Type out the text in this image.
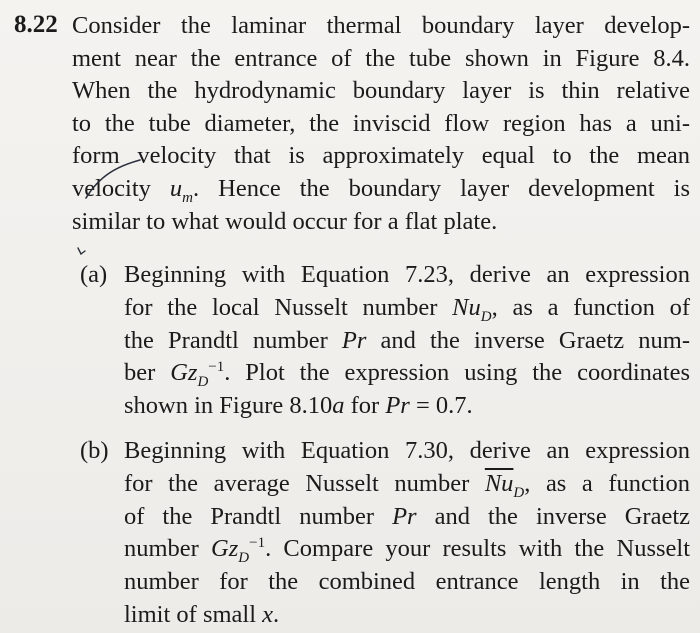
8.22 Consider the laminar thermal boundary layer develop-
ment near the entrance of the tube shown in Figure 8.4.
When the hydrodynamic boundary layer is thin relative
to the tube diameter, the inviscid flow region has a uni-
form velocity that is approximately equal to the mean
velocity $u_m$. Hence the boundary layer development is
similar to what would occur for a flat plate.
(a) Beginning with Equation 7.23, derive an expression
for the local Nusselt number $Nu_D$, as a function of
the Prandtl number Pr and the inverse Graetz num-
ber $Gz_D^{-1}$. Plot the expression using the coordinates
shown in Figure 8.10a for Pr = 0.7.
(b) Beginning with Equation 7.30, derive an expression
for the average Nusselt number $\overline{Nu}_D$, as a function
of the Prandtl number Pr and the inverse Graetz
number $Gz_D^{-1}$. Compare your results with the Nusselt
number for the combined entrance length in the
limit of small x.
